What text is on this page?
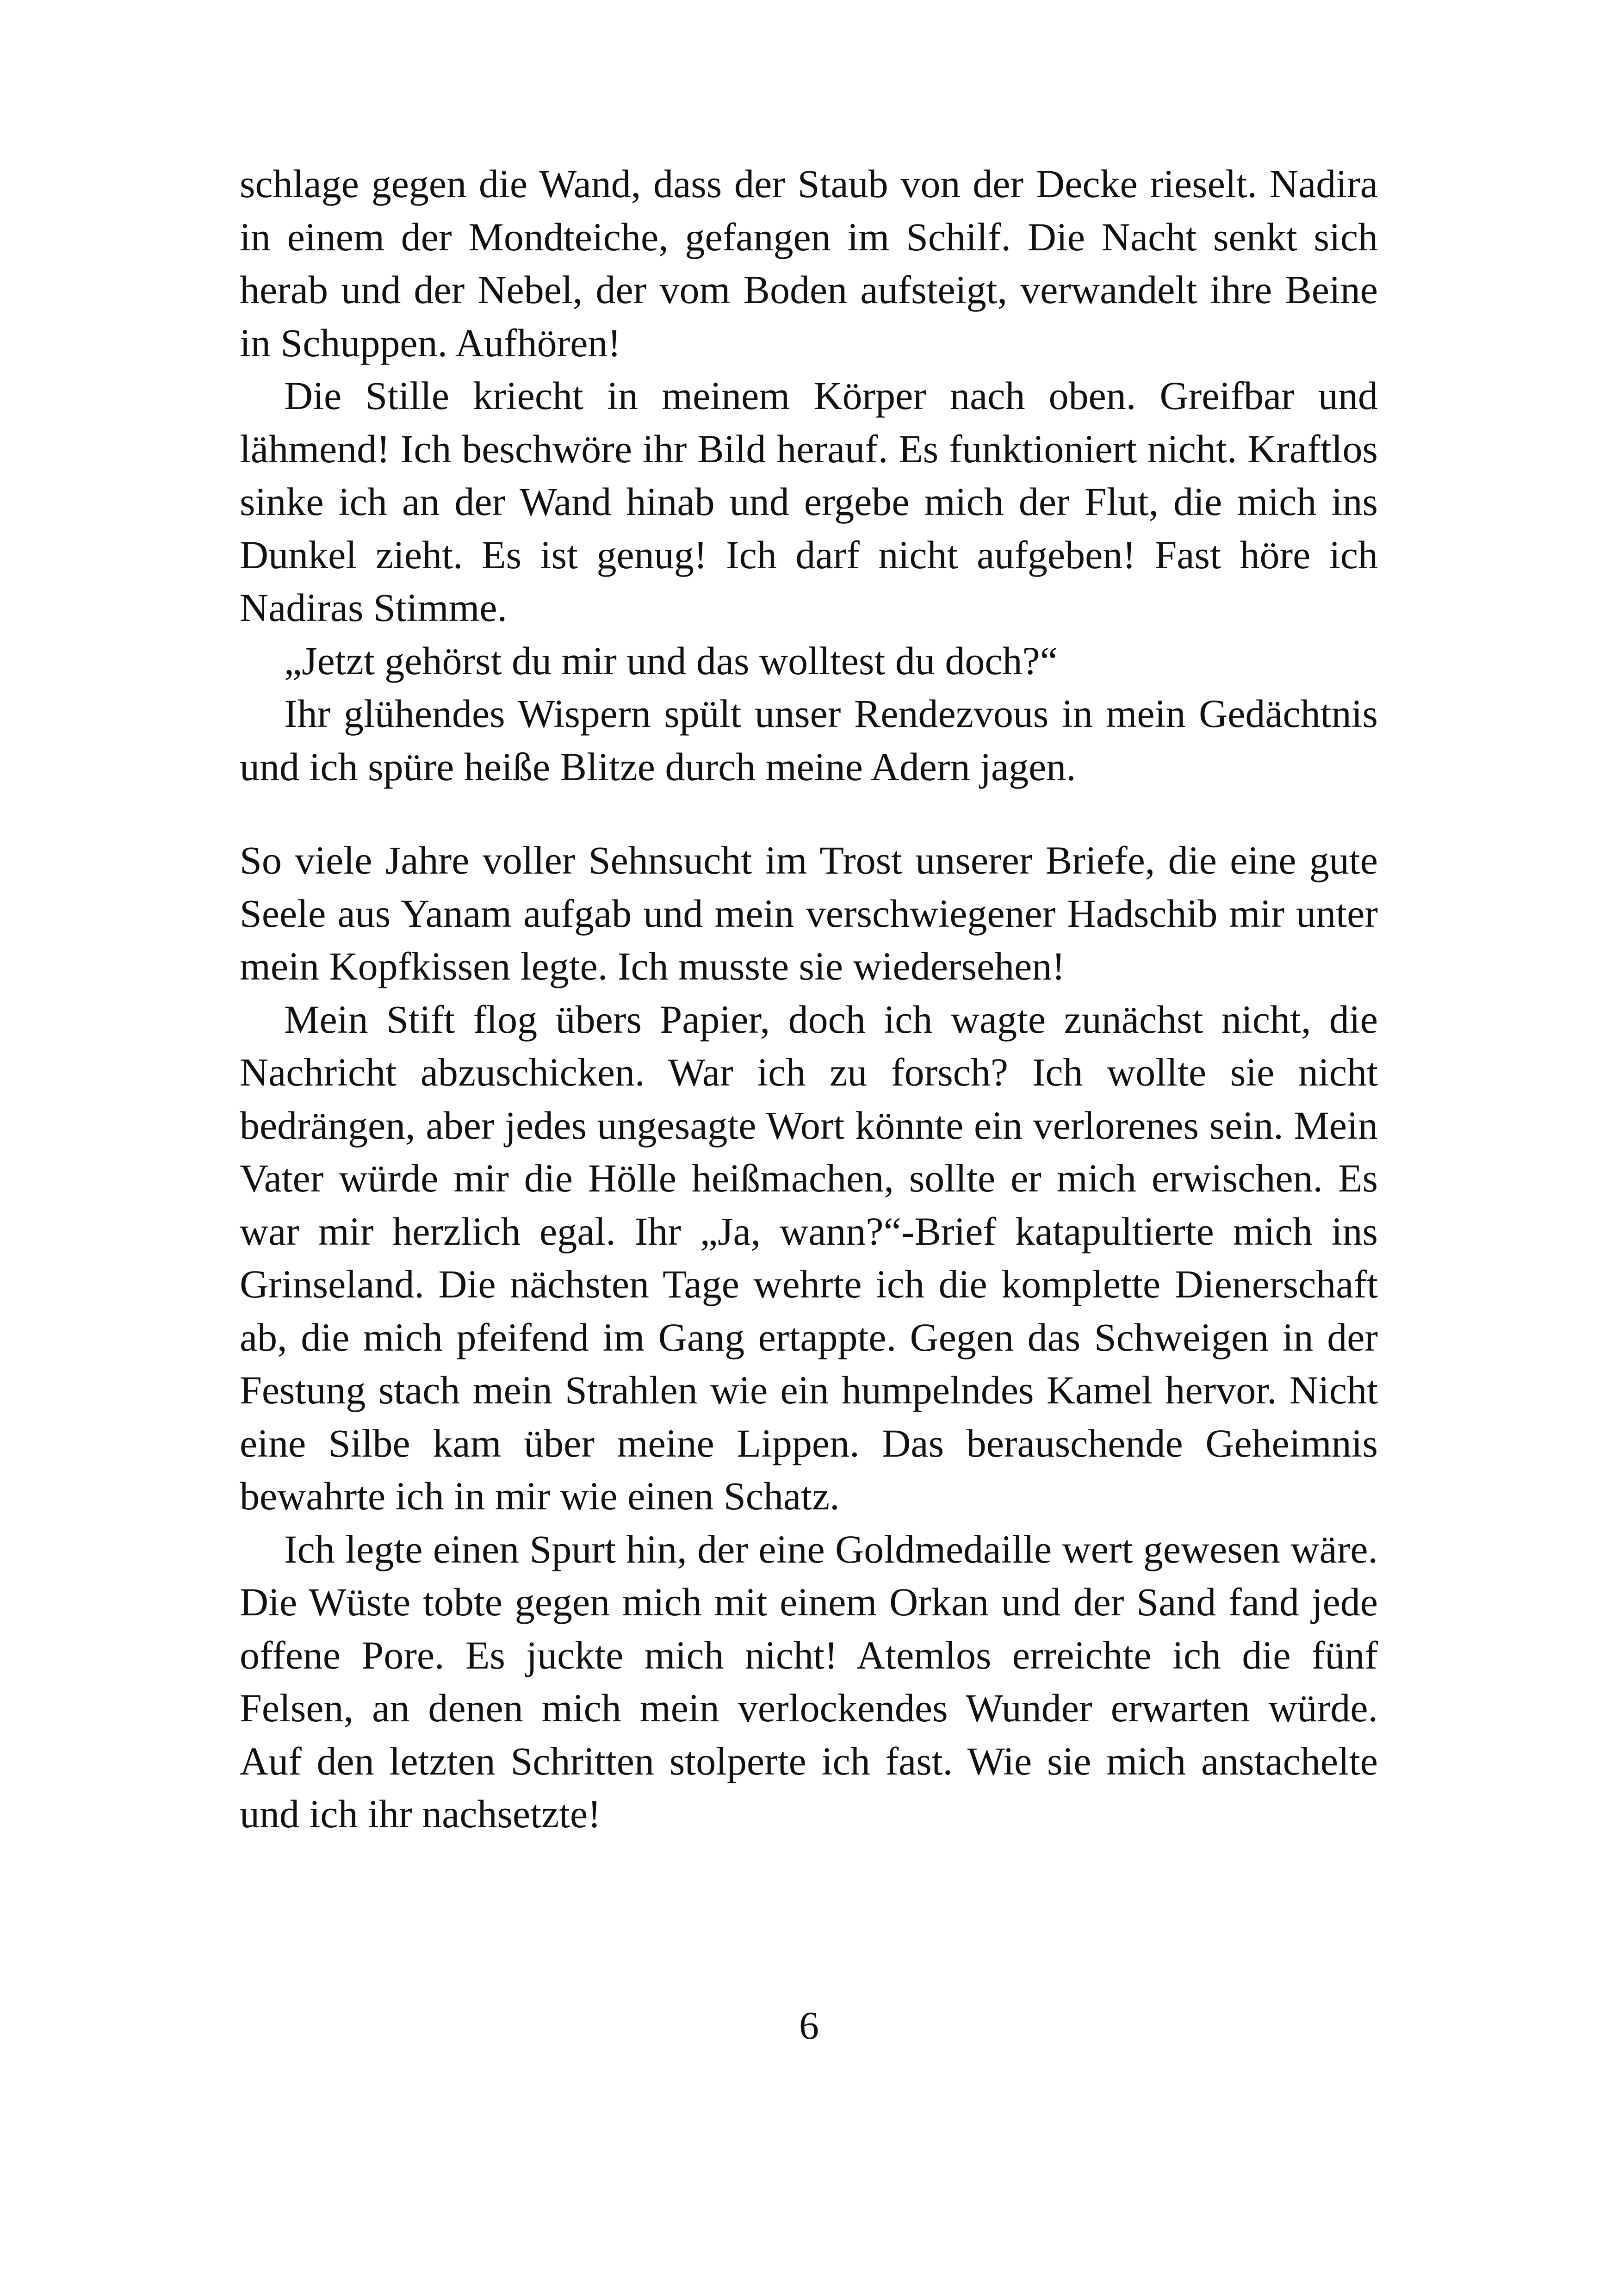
schlage gegen die Wand, dass der Staub von der Decke rieselt. Nadira in einem der Mondteiche, gefangen im Schilf. Die Nacht senkt sich herab und der Nebel, der vom Boden aufsteigt, verwandelt ihre Beine in Schuppen. Aufhören!

Die Stille kriecht in meinem Körper nach oben. Greifbar und lähmend! Ich beschwöre ihr Bild herauf. Es funktioniert nicht. Kraftlos sinke ich an der Wand hinab und ergebe mich der Flut, die mich ins Dunkel zieht. Es ist genug! Ich darf nicht aufgeben! Fast höre ich Nadiras Stimme.

„Jetzt gehörst du mir und das wolltest du doch?“

Ihr glühendes Wispern spült unser Rendezvous in mein Gedächtnis und ich spüre heiße Blitze durch meine Adern jagen.

So viele Jahre voller Sehnsucht im Trost unserer Briefe, die eine gute Seele aus Yanam aufgab und mein verschwiegener Hadschib mir unter mein Kopfkissen legte. Ich musste sie wiedersehen!

Mein Stift flog übers Papier, doch ich wagte zunächst nicht, die Nachricht abzuschicken. War ich zu forsch? Ich wollte sie nicht bedrängen, aber jedes ungesagte Wort könnte ein verlorenes sein. Mein Vater würde mir die Hölle heißmachen, sollte er mich erwischen. Es war mir herzlich egal. Ihr „Ja, wann?“-Brief katapultierte mich ins Grinseland. Die nächsten Tage wehrte ich die komplette Dienerschaft ab, die mich pfeifend im Gang ertappte. Gegen das Schweigen in der Festung stach mein Strahlen wie ein humpelndes Kamel hervor. Nicht eine Silbe kam über meine Lippen. Das berauschende Geheimnis bewahrte ich in mir wie einen Schatz.

Ich legte einen Spurt hin, der eine Goldmedaille wert gewesen wäre. Die Wüste tobte gegen mich mit einem Orkan und der Sand fand jede offene Pore. Es juckte mich nicht! Atemlos erreichte ich die fünf Felsen, an denen mich mein verlockendes Wunder erwarten würde. Auf den letzten Schritten stolperte ich fast. Wie sie mich anstachelte und ich ihr nachsetzte!

6
